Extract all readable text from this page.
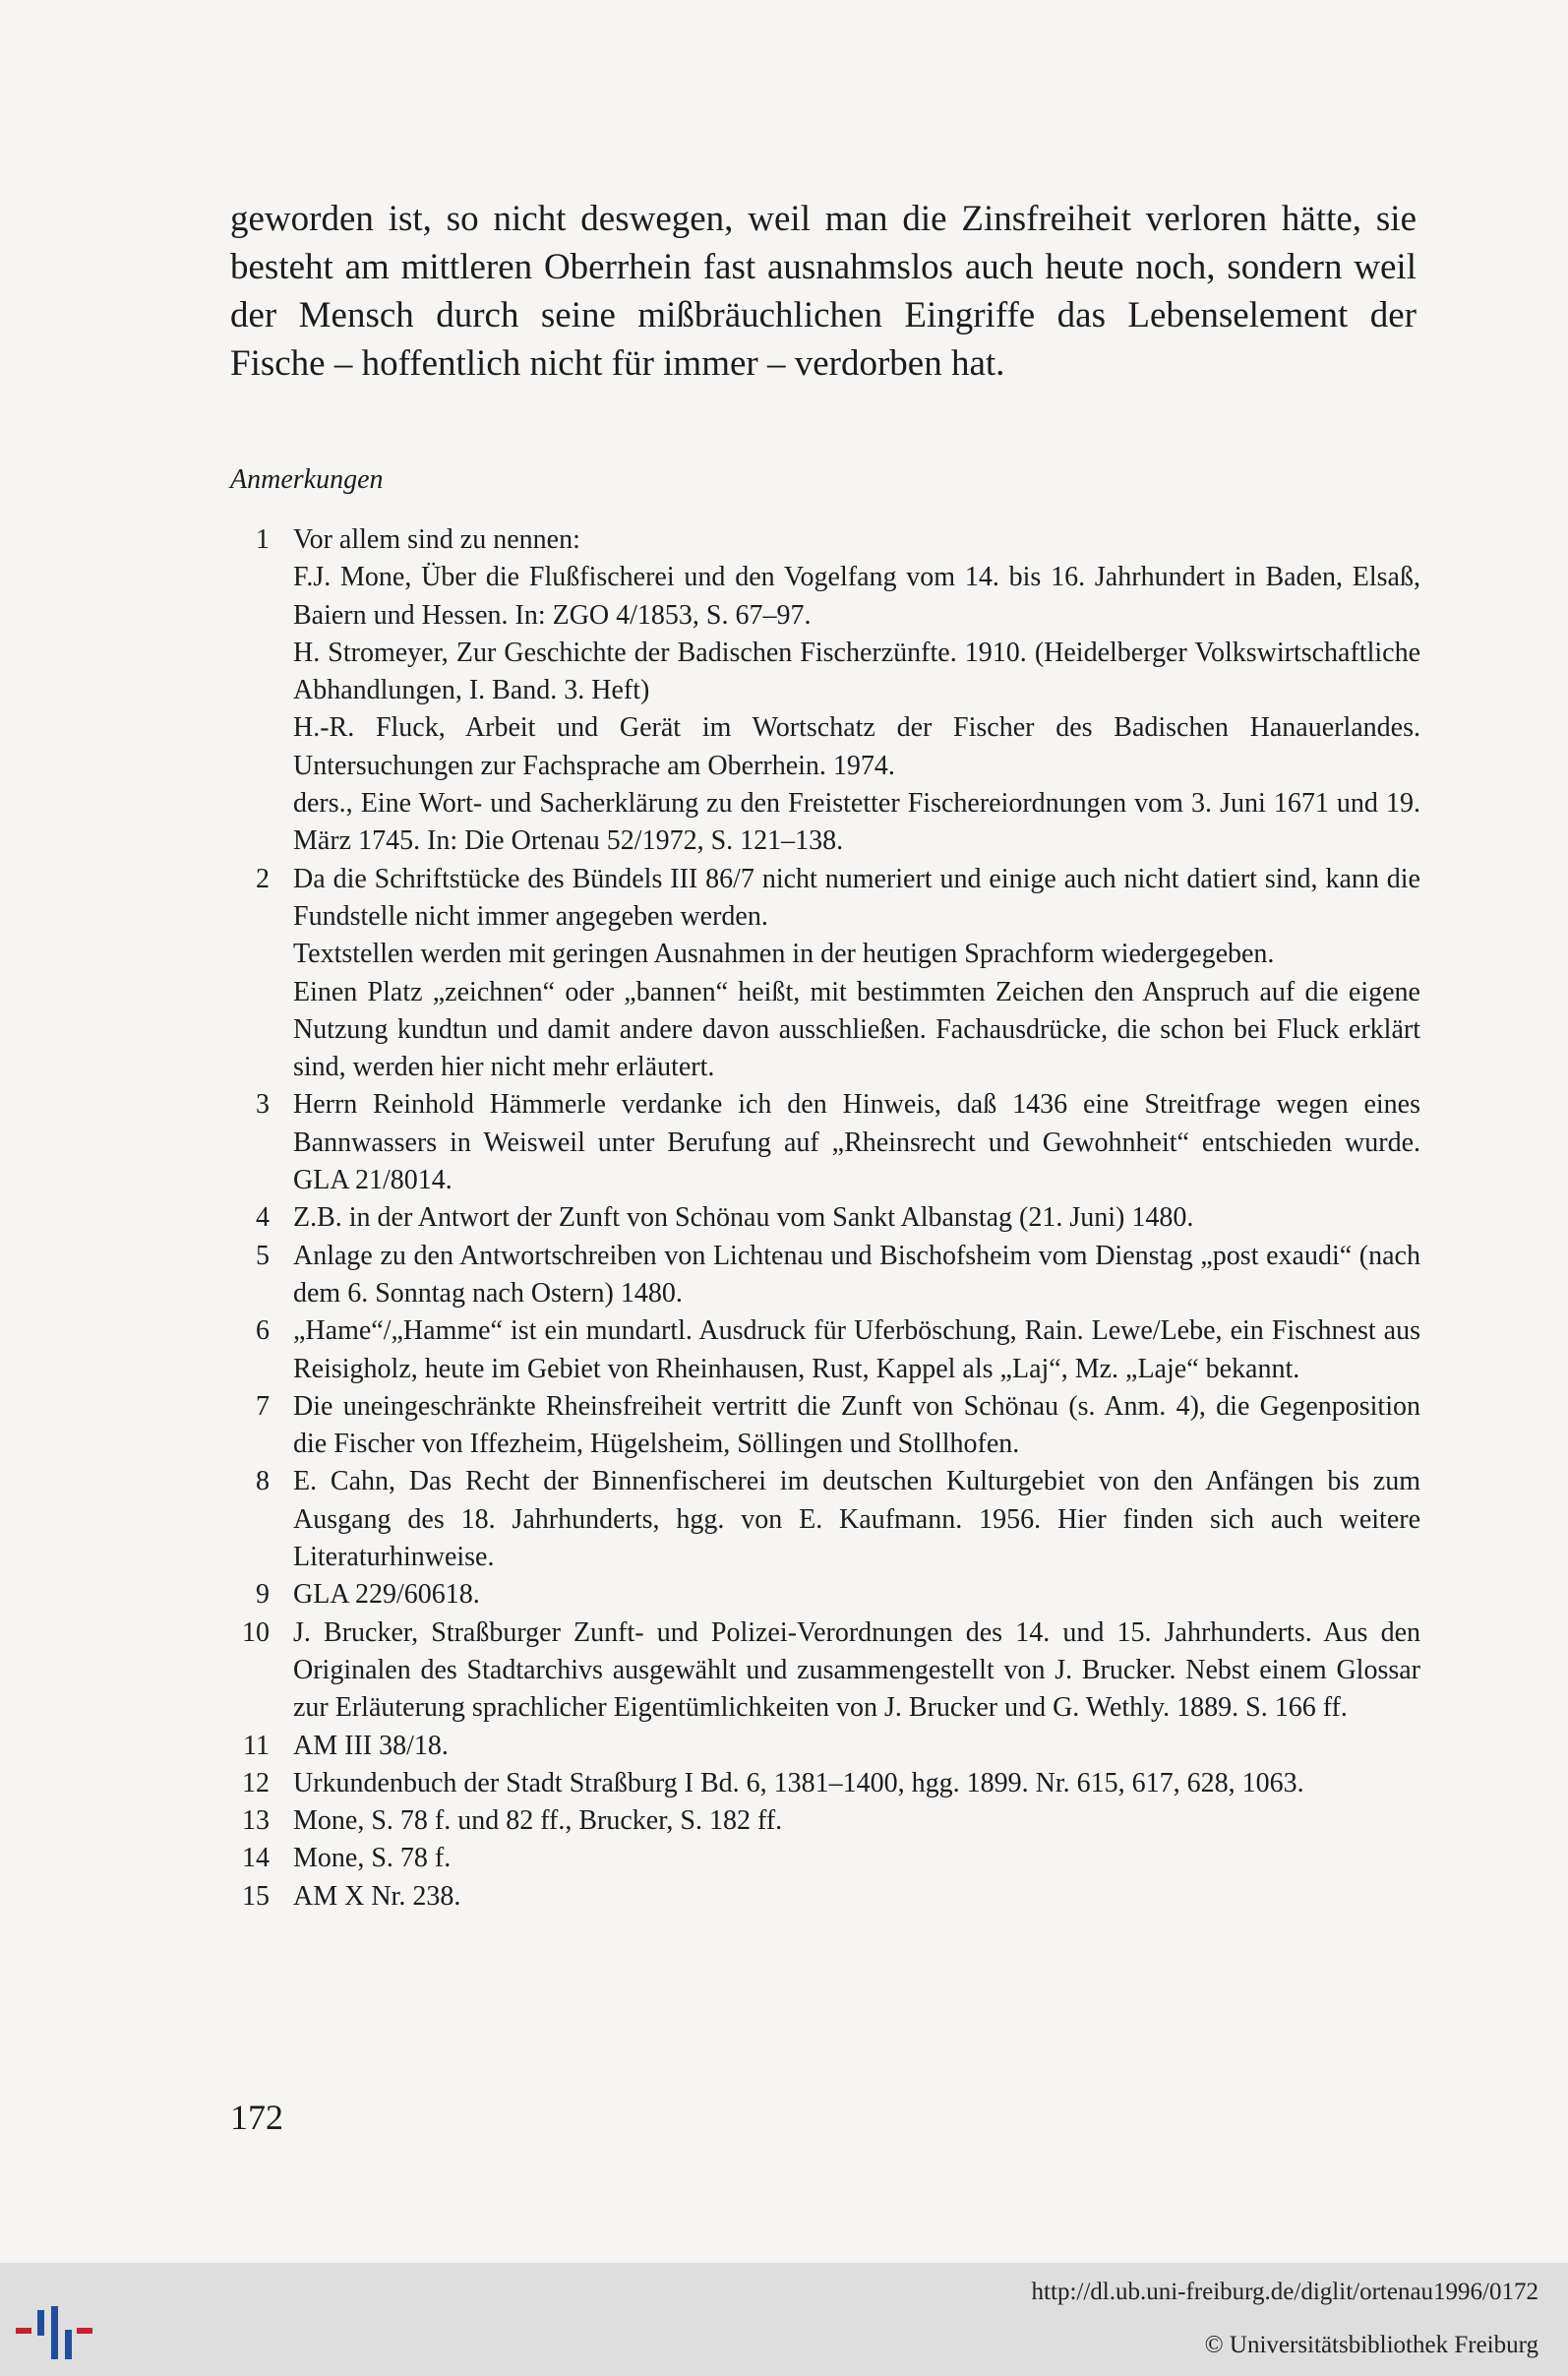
geworden ist, so nicht deswegen, weil man die Zinsfreiheit verloren hätte, sie besteht am mittleren Oberrhein fast ausnahmslos auch heute noch, sondern weil der Mensch durch seine mißbräuchlichen Eingriffe das Lebenselement der Fische – hoffentlich nicht für immer – verdorben hat.

Anmerkungen
1 Vor allem sind zu nennen:
F.J. Mone, Über die Flußfischerei und den Vogelfang vom 14. bis 16. Jahrhundert in Baden, Elsaß, Baiern und Hessen. In: ZGO 4/1853, S. 67–97.
H. Stromeyer, Zur Geschichte der Badischen Fischerzünfte. 1910. (Heidelberger Volkswirtschaftliche Abhandlungen, I. Band. 3. Heft)
H.-R. Fluck, Arbeit und Gerät im Wortschatz der Fischer des Badischen Hanauerlandes. Untersuchungen zur Fachsprache am Oberrhein. 1974.
ders., Eine Wort- und Sacherklärung zu den Freistetter Fischereiordnungen vom 3. Juni 1671 und 19. März 1745. In: Die Ortenau 52/1972, S. 121–138.
2 Da die Schriftstücke des Bündels III 86/7 nicht numeriert und einige auch nicht datiert sind, kann die Fundstelle nicht immer angegeben werden.
Textstellen werden mit geringen Ausnahmen in der heutigen Sprachform wiedergegeben.
Einen Platz „zeichnen“ oder „bannen“ heißt, mit bestimmten Zeichen den Anspruch auf die eigene Nutzung kundtun und damit andere davon ausschließen. Fachausdrücke, die schon bei Fluck erklärt sind, werden hier nicht mehr erläutert.
3 Herrn Reinhold Hämmerle verdanke ich den Hinweis, daß 1436 eine Streitfrage wegen eines Bannwassers in Weisweil unter Berufung auf „Rheinsrecht und Gewohnheit“ entschieden wurde. GLA 21/8014.
4 Z.B. in der Antwort der Zunft von Schönau vom Sankt Albanstag (21. Juni) 1480.
5 Anlage zu den Antwortschreiben von Lichtenau und Bischofsheim vom Dienstag „post exaudi“ (nach dem 6. Sonntag nach Ostern) 1480.
6 „Hame“/„Hamme“ ist ein mundartl. Ausdruck für Uferböschung, Rain. Lewe/Lebe, ein Fischnest aus Reisigholz, heute im Gebiet von Rheinhausen, Rust, Kappel als „Laj“, Mz. „Laje“ bekannt.
7 Die uneingeschränkte Rheinsfreiheit vertritt die Zunft von Schönau (s. Anm. 4), die Gegenposition die Fischer von Iffezheim, Hügelsheim, Söllingen und Stollhofen.
8 E. Cahn, Das Recht der Binnenfischerei im deutschen Kulturgebiet von den Anfängen bis zum Ausgang des 18. Jahrhunderts, hgg. von E. Kaufmann. 1956. Hier finden sich auch weitere Literaturhinweise.
9 GLA 229/60618.
10 J. Brucker, Straßburger Zunft- und Polizei-Verordnungen des 14. und 15. Jahrhunderts. Aus den Originalen des Stadtarchivs ausgewählt und zusammengestellt von J. Brucker. Nebst einem Glossar zur Erläuterung sprachlicher Eigentümlichkeiten von J. Brucker und G. Wethly. 1889. S. 166 ff.
11 AM III 38/18.
12 Urkundenbuch der Stadt Straßburg I Bd. 6, 1381–1400, hgg. 1899. Nr. 615, 617, 628, 1063.
13 Mone, S. 78 f. und 82 ff., Brucker, S. 182 ff.
14 Mone, S. 78 f.
15 AM X Nr. 238.
172
http://dl.ub.uni-freiburg.de/diglit/ortenau1996/0172
© Universitätsbibliothek Freiburg
